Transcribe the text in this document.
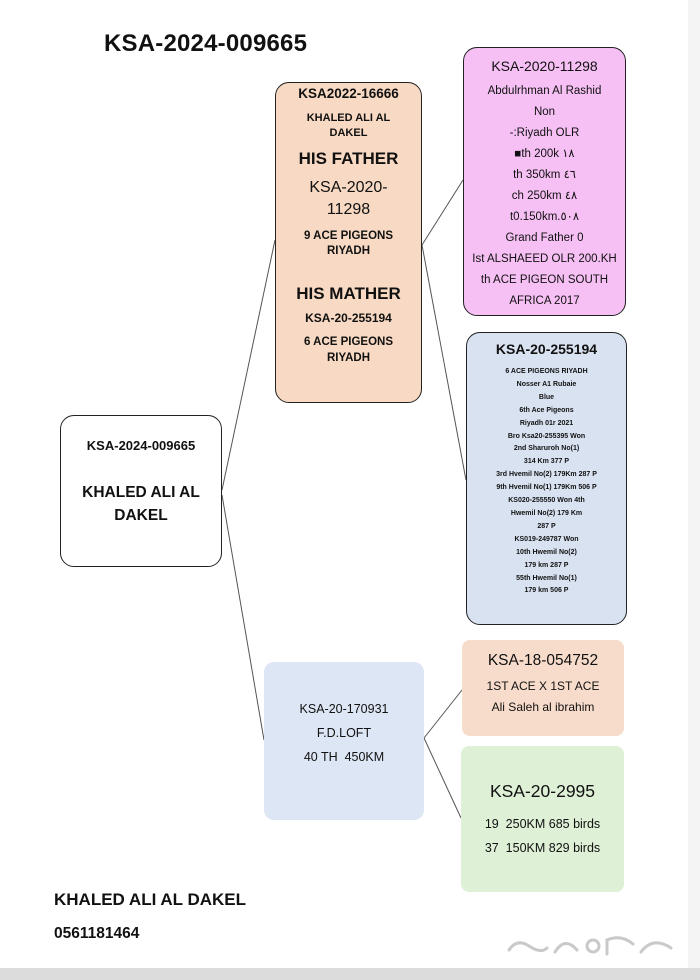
KSA-2024-009665
KSA-2024-009665
KHALED ALI AL DAKEL
KSA2022-16666
KHALED ALI AL
DAKEL
HIS FATHER
KSA-2020-
11298
9 ACE PIGEONS
RIYADH
HIS MATHER
KSA-20-255194
6 ACE PIGEONS
RIYADH
KSA-2020-11298
Abdulrhman Al Rashid
Non
-:Riyadh OLR
■th 200k ١٨
th 350km ٤٦
ch 250km ٤٨
t0.150km.٥٠٨
Grand Father 0
Ist ALSHAEED OLR 200.KH
th ACE PIGEON SOUTH
AFRICA 2017
KSA-20-255194
6 ACE PIGEONS RIYADH
Nosser A1 Rubaie
Blue
6th Ace Pigeons
Riyadh 01r 2021
Bro Ksa20-255395 Won
2nd Sharuroh No(1)
314 Km 377 P
3rd Hvemil No(2) 179Km 287 P
9th Hvemil No(1) 179Km 506 P
KS020-255550 Won 4th
Hwemil No(2) 179 Km
287 P
KS019-249787 Won
10th Hwemil No(2)
179 km 287 P
55th Hwemil No(1)
179 km 506 P
KSA-20-170931
F.D.LOFT
40 TH  450KM
KSA-18-054752
1ST ACE X 1ST ACE
Ali Saleh al ibrahim
KSA-20-2995
19  250KM 685 birds
37  150KM 829 birds
KHALED ALI AL DAKEL
0561181464
